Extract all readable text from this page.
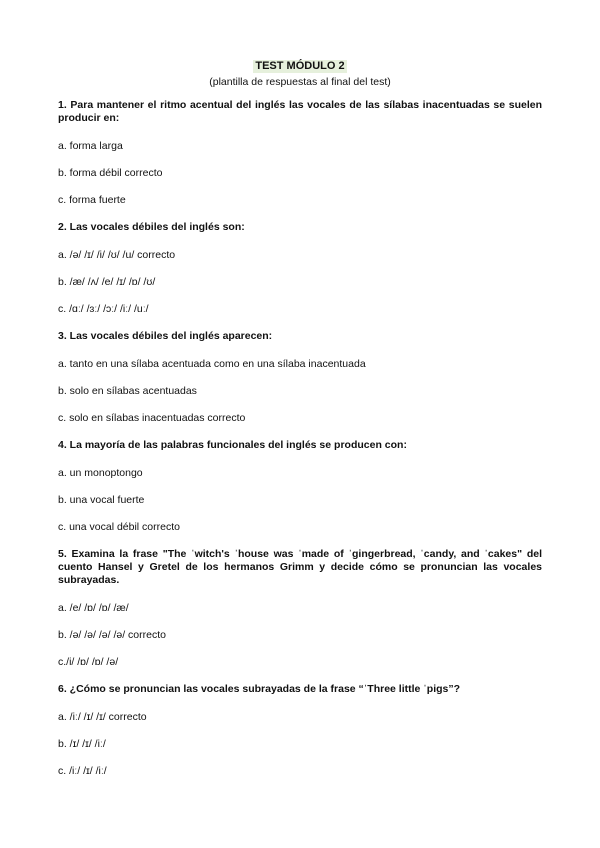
TEST MÓDULO 2
(plantilla de respuestas al final del test)

1. Para mantener el ritmo acentual del inglés las vocales de las sílabas inacentuadas se suelen producir en:

a. forma larga

b. forma débil correcto

c. forma fuerte

2. Las vocales débiles del inglés son:

a. /ə/ /ɪ/ /i/ /ʊ/ /u/ correcto

b. /æ/ /ʌ/ /e/ /ɪ/ /ɒ/ /ʊ/

c. /ɑː/ /ɜː/ /ɔː/ /iː/ /uː/

3. Las vocales débiles del inglés aparecen:

a. tanto en una sílaba acentuada como en una sílaba inacentuada

b. solo en sílabas acentuadas

c. solo en sílabas inacentuadas correcto

4. La mayoría de las palabras funcionales del inglés se producen con:

a. un monoptongo

b. una vocal fuerte

c. una vocal débil correcto

5. Examina la frase "The ˈwitch's ˈhouse was ˈmade of ˈgingerbread, ˈcandy, and ˈcakes" del cuento Hansel y Gretel de los hermanos Grimm y decide cómo se pronuncian las vocales subrayadas.

a. /e/ /ɒ/ /ɒ/ /æ/

b. /ə/ /ə/ /ə/ /ə/ correcto

c./i/ /ɒ/ /ɒ/ /ə/

6. ¿Cómo se pronuncian las vocales subrayadas de la frase “ˈThree little ˈpigs”?

a. /iː/ /ɪ/ /ɪ/ correcto

b. /ɪ/ /ɪ/ /iː/

c. /iː/ /ɪ/ /iː/
